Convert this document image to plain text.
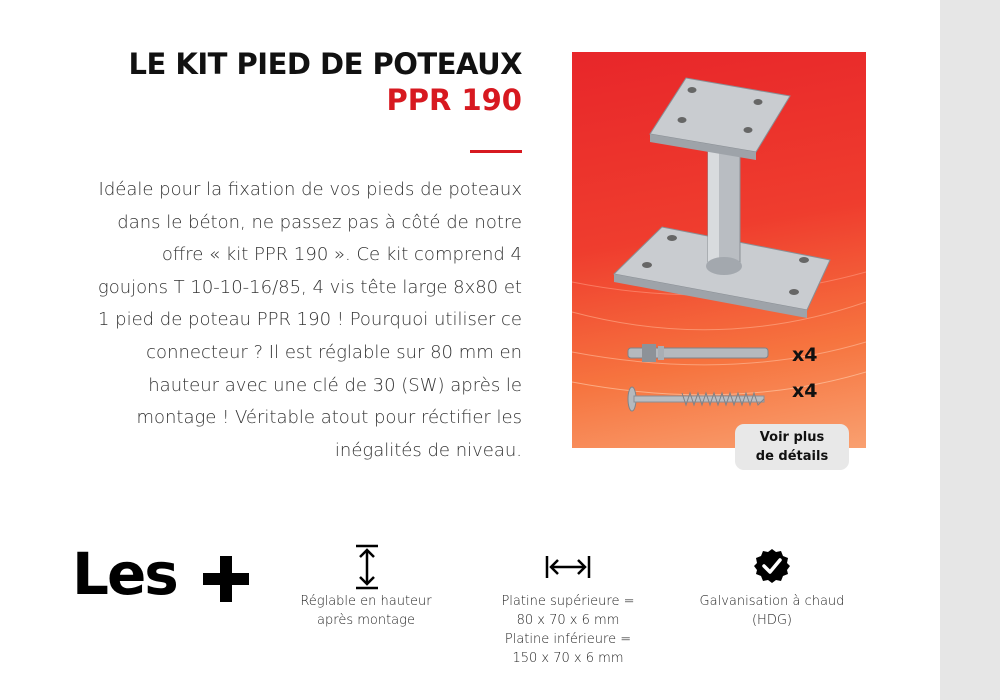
LE KIT PIED DE POTEAUX
PPR 190
Idéale pour la fixation de vos pieds de poteaux dans le béton, ne passez pas à côté de notre offre « kit PPR 190 ». Ce kit comprend 4 goujons T 10-10-16/85, 4 vis tête large 8x80 et 1 pied de poteau PPR 190 ! Pourquoi utiliser ce connecteur ? Il est réglable sur 80 mm en hauteur avec une clé de 30 (SW) après le montage ! Véritable atout pour réctifier les inégalités de niveau.
x4
x4
Voir plus
de détails
Les	Réglable en hauteur
après montage
Platine supérieure =
80 x 70 x 6 mm
Platine inférieure =
150 x 70 x 6 mm
Galvanisation à chaud
(HDG)
